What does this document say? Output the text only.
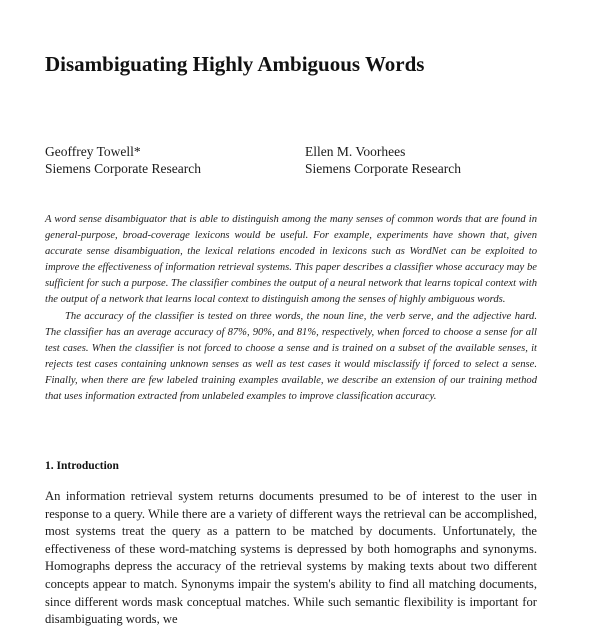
Disambiguating Highly Ambiguous Words
Geoffrey Towell*
Siemens Corporate Research
Ellen M. Voorhees
Siemens Corporate Research

A word sense disambiguator that is able to distinguish among the many senses of common words that are found in general-purpose, broad-coverage lexicons would be useful. For example, experiments have shown that, given accurate sense disambiguation, the lexical relations encoded in lexicons such as WordNet can be exploited to improve the effectiveness of information retrieval systems. This paper describes a classifier whose accuracy may be sufficient for such a purpose. The classifier combines the output of a neural network that learns topical context with the output of a network that learns local context to distinguish among the senses of highly ambiguous words.

The accuracy of the classifier is tested on three words, the noun line, the verb serve, and the adjective hard. The classifier has an average accuracy of 87%, 90%, and 81%, respectively, when forced to choose a sense for all test cases. When the classifier is not forced to choose a sense and is trained on a subset of the available senses, it rejects test cases containing unknown senses as well as test cases it would misclassify if forced to select a sense. Finally, when there are few labeled training examples available, we describe an extension of our training method that uses information extracted from unlabeled examples to improve classification accuracy.

1. Introduction

An information retrieval system returns documents presumed to be of interest to the user in response to a query. While there are a variety of different ways the retrieval can be accomplished, most systems treat the query as a pattern to be matched by documents. Unfortunately, the effectiveness of these word-matching systems is depressed by both homographs and synonyms. Homographs depress the accuracy of the retrieval systems by making texts about two different concepts appear to match. Synonyms impair the system's ability to find all matching documents, since different words mask conceptual matches. While such semantic flexibility is important for disambiguating words, we
